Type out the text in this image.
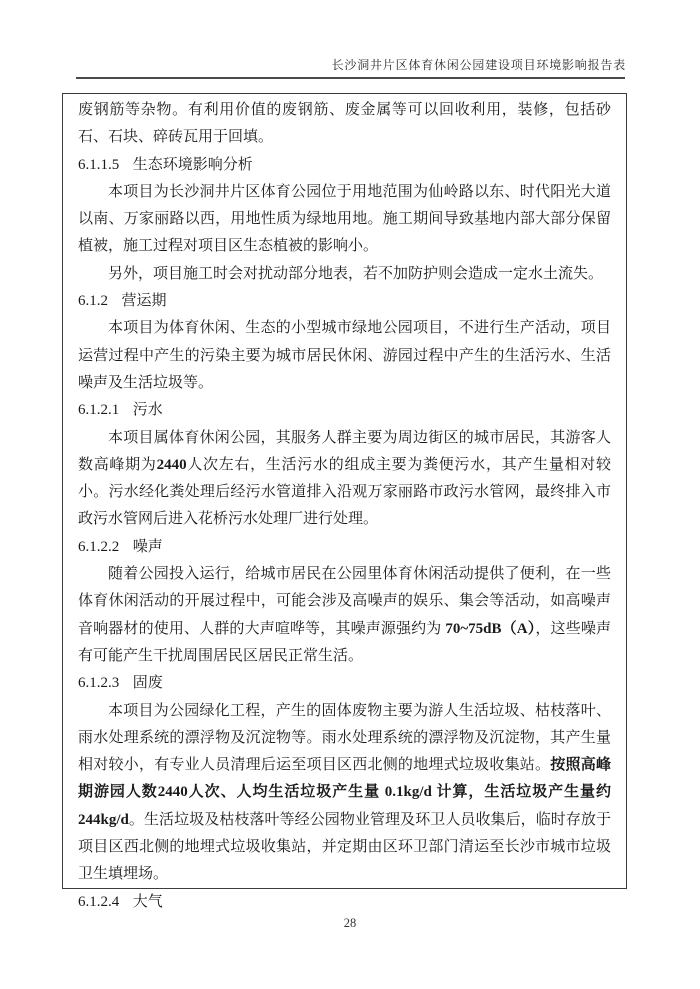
长沙洞井片区体育休闲公园建设项目环境影响报告表

废钢筋等杂物。有利用价值的废钢筋、废金属等可以回收利用，装修，包括砂石、石块、碎砖瓦用于回填。

6.1.1.5 生态环境影响分析

本项目为长沙洞井片区体育公园位于用地范围为仙岭路以东、时代阳光大道以南、万家丽路以西，用地性质为绿地用地。施工期间导致基地内部大部分保留植被，施工过程对项目区生态植被的影响小。

另外，项目施工时会对扰动部分地表，若不加防护则会造成一定水土流失。

6.1.2 营运期

本项目为体育休闲、生态的小型城市绿地公园项目，不进行生产活动，项目运营过程中产生的污染主要为城市居民休闲、游园过程中产生的生活污水、生活噪声及生活垃圾等。

6.1.2.1 污水

本项目属体育休闲公园，其服务人群主要为周边街区的城市居民，其游客人数高峰期为2440人次左右，生活污水的组成主要为粪便污水，其产生量相对较小。污水经化粪处理后经污水管道排入沿观万家丽路市政污水管网，最终排入市政污水管网后进入花桥污水处理厂进行处理。

6.1.2.2 噪声

随着公园投入运行，给城市居民在公园里体育休闲活动提供了便利，在一些体育休闲活动的开展过程中，可能会涉及高噪声的娱乐、集会等活动，如高噪声音响器材的使用、人群的大声喧哗等，其噪声源强约为 70~75dB（A），这些噪声有可能产生干扰周围居民区居民正常生活。

6.1.2.3 固废

本项目为公园绿化工程，产生的固体废物主要为游人生活垃圾、枯枝落叶、雨水处理系统的漂浮物及沉淀物等。雨水处理系统的漂浮物及沉淀物，其产生量相对较小，有专业人员清理后运至项目区西北侧的地埋式垃圾收集站。按照高峰期游园人数2440人次、人均生活垃圾产生量 0.1kg/d 计算，生活垃圾产生量约 244kg/d。生活垃圾及枯枝落叶等经公园物业管理及环卫人员收集后，临时存放于项目区西北侧的地埋式垃圾收集站，并定期由区环卫部门清运至长沙市城市垃圾卫生填埋场。

6.1.2.4 大气

28
